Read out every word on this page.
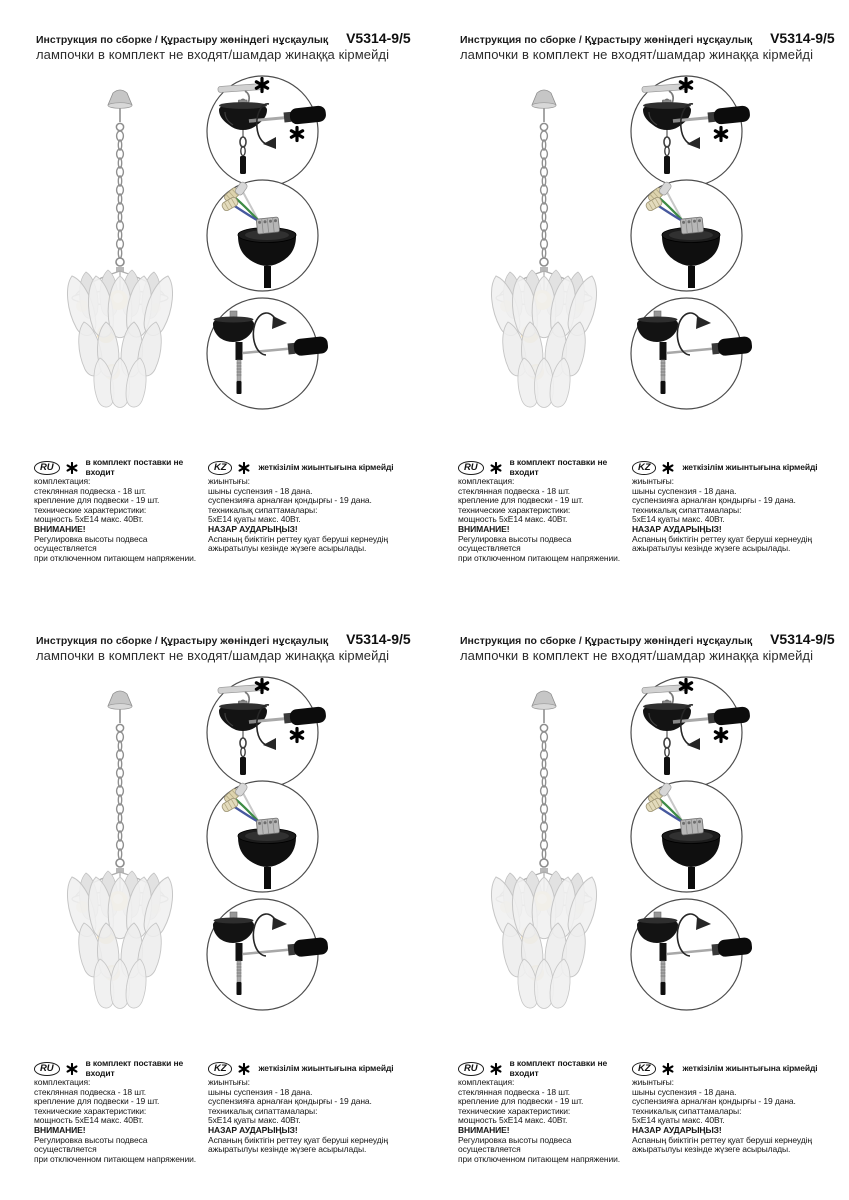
Инструкция по сборке / Құрастыру жөніндегі нұсқаулық V5314-9/5
лампочки в комплект не входят/шамдар жинаққа кірмейді
RU	в комплект поставки не входит

комплектация:

стеклянная подвеска - 18 шт.
крепление для подвески - 19 шт.

технические характеристики:
мощность 5хЕ14 макс. 40Вт.

ВНИМАНИЕ!
Регулировка высоты подвеса осуществляется
при отключенном питающем напряжении.

KZ	жеткізілім жиынтығына кірмейді

жиынтығы:

шыны суспензия - 18 дана.
суспензияға арналған қондырғы - 19 дана.

техникалық сипаттамалары:
5хЕ14 қуаты макс. 40Вт.

НАЗАР АУДАРЫҢЫЗ!
Аспаның биіктігін реттеу қуат беруші кернеудің
ажыратылуы кезінде жүзеге асырылады.

Инструкция по сборке / Құрастыру жөніндегі нұсқаулық V5314-9/5
лампочки в комплект не входят/шамдар жинаққа кірмейді
RU	в комплект поставки не входит

комплектация:

стеклянная подвеска - 18 шт.
крепление для подвески - 19 шт.

технические характеристики:
мощность 5хЕ14 макс. 40Вт.

ВНИМАНИЕ!
Регулировка высоты подвеса осуществляется
при отключенном питающем напряжении.

KZ	жеткізілім жиынтығына кірмейді

жиынтығы:

шыны суспензия - 18 дана.
суспензияға арналған қондырғы - 19 дана.

техникалық сипаттамалары:
5хЕ14 қуаты макс. 40Вт.

НАЗАР АУДАРЫҢЫЗ!
Аспаның биіктігін реттеу қуат беруші кернеудің
ажыратылуы кезінде жүзеге асырылады.

Инструкция по сборке / Құрастыру жөніндегі нұсқаулық V5314-9/5
лампочки в комплект не входят/шамдар жинаққа кірмейді
RU	в комплект поставки не входит

комплектация:

стеклянная подвеска - 18 шт.
крепление для подвески - 19 шт.

технические характеристики:
мощность 5хЕ14 макс. 40Вт.

ВНИМАНИЕ!
Регулировка высоты подвеса осуществляется
при отключенном питающем напряжении.

KZ	жеткізілім жиынтығына кірмейді

жиынтығы:

шыны суспензия - 18 дана.
суспензияға арналған қондырғы - 19 дана.

техникалық сипаттамалары:
5хЕ14 қуаты макс. 40Вт.

НАЗАР АУДАРЫҢЫЗ!
Аспаның биіктігін реттеу қуат беруші кернеудің
ажыратылуы кезінде жүзеге асырылады.

Инструкция по сборке / Құрастыру жөніндегі нұсқаулық V5314-9/5
лампочки в комплект не входят/шамдар жинаққа кірмейді
RU	в комплект поставки не входит

комплектация:

стеклянная подвеска - 18 шт.
крепление для подвески - 19 шт.

технические характеристики:
мощность 5хЕ14 макс. 40Вт.

ВНИМАНИЕ!
Регулировка высоты подвеса осуществляется
при отключенном питающем напряжении.

KZ	жеткізілім жиынтығына кірмейді

жиынтығы:

шыны суспензия - 18 дана.
суспензияға арналған қондырғы - 19 дана.

техникалық сипаттамалары:
5хЕ14 қуаты макс. 40Вт.

НАЗАР АУДАРЫҢЫЗ!
Аспаның биіктігін реттеу қуат беруші кернеудің
ажыратылуы кезінде жүзеге асырылады.
